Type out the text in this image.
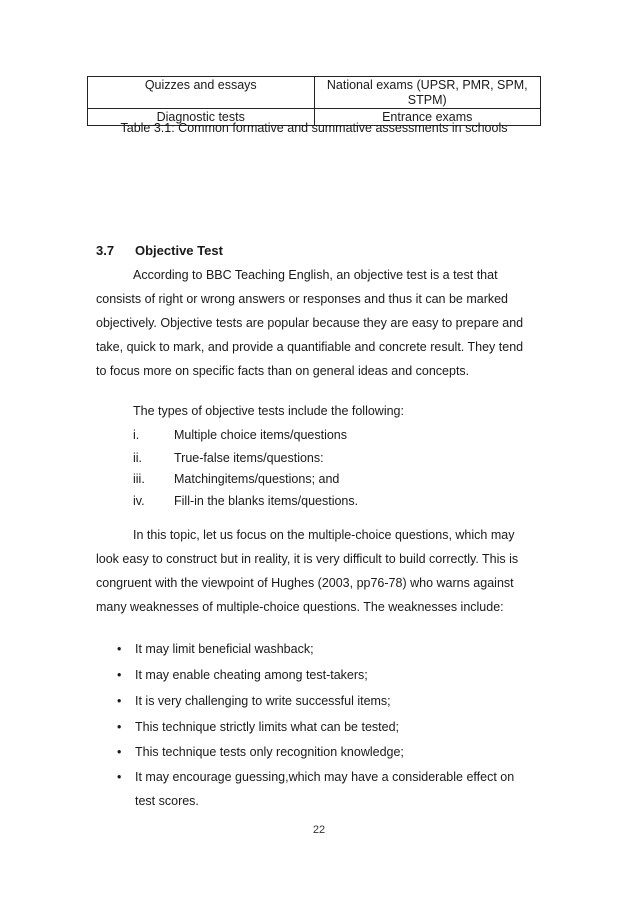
Quizzes and essays	National exams (UPSR, PMR, SPM, STPM)
Diagnostic tests	Entrance exams
Table 3.1: Common formative and summative assessments in schools
3.7 Objective Test
According to BBC Teaching English, an objective test is a test that
consists of right or wrong answers or responses and thus it can be marked
objectively. Objective tests are popular because they are easy to prepare and
take, quick to mark, and provide a quantifiable and concrete result. They tend
to focus more on specific facts than on general ideas and concepts.
The types of objective tests include the following:
i.	Multiple choice items/questions
ii.	True-false items/questions:
iii. Matchingitems/questions; and
iv. Fill-in the blanks items/questions.
In this topic, let us focus on the multiple-choice questions, which may
look easy to construct but in reality, it is very difficult to build correctly. This is
congruent with the viewpoint of Hughes (2003, pp76-78) who warns against
many weaknesses of multiple-choice questions. The weaknesses include:
• It may limit beneficial washback;
• It may enable cheating among test-takers;
• It is very challenging to write successful items;
• This technique strictly limits what can be tested;
• This technique tests only recognition knowledge;
• It may encourage guessing,which may have a considerable effect on
test scores.
22
